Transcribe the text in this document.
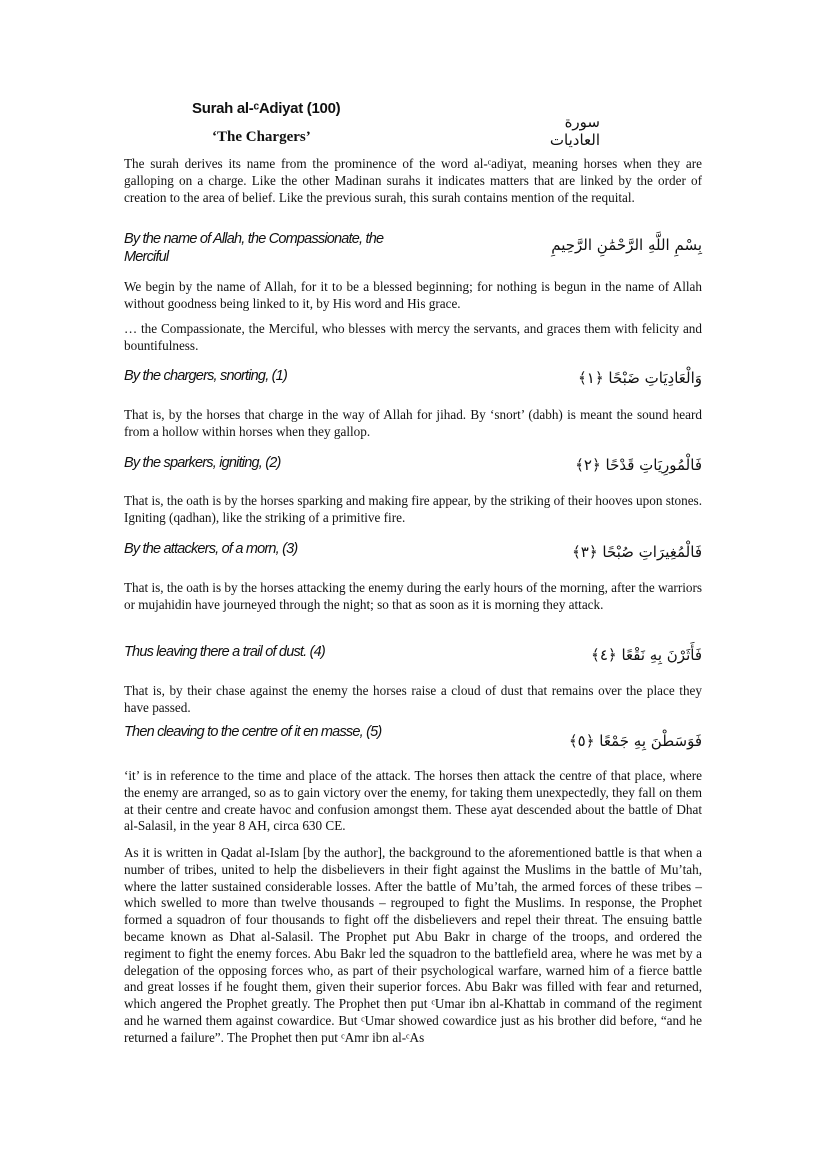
Surah al-ᶜAdiyat (100)
‘The Chargers’
سورة العاديات

The surah derives its name from the prominence of the word al-ᶜadiyat, meaning horses when they are galloping on a charge. Like the other Madinan surahs it indicates matters that are linked by the order of creation to the area of belief. Like the previous surah, this surah contains mention of the requital.

By the name of Allah, the Compassionate, the Merciful
بِسْمِ اللَّهِ الرَّحْمَٰنِ الرَّحِيمِ

We begin by the name of Allah, for it to be a blessed beginning; for nothing is begun in the name of Allah without goodness being linked to it, by His word and His grace.

… the Compassionate, the Merciful, who blesses with mercy the servants, and graces them with felicity and bountifulness.

By the chargers, snorting, (1)	وَالْعَادِيَاتِ ضَبْحًا ﴿١﴾

That is, by the horses that charge in the way of Allah for jihad. By ‘snort’ (dabh) is meant the sound heard from a hollow within horses when they gallop.

By the sparkers, igniting, (2)	فَالْمُورِيَاتِ قَدْحًا ﴿٢﴾

That is, the oath is by the horses sparking and making fire appear, by the striking of their hooves upon stones. Igniting (qadhan), like the striking of a primitive fire.

By the attackers, of a morn, (3)	فَالْمُغِيرَاتِ صُبْحًا ﴿٣﴾

That is, the oath is by the horses attacking the enemy during the early hours of the morning, after the warriors or mujahidin have journeyed through the night; so that as soon as it is morning they attack.

Thus leaving there a trail of dust. (4)	فَأَثَرْنَ بِهِ نَقْعًا ﴿٤﴾

That is, by their chase against the enemy the horses raise a cloud of dust that remains over the place they have passed.

Then cleaving to the centre of it en masse, (5)	فَوَسَطْنَ بِهِ جَمْعًا ﴿٥﴾

‘it’ is in reference to the time and place of the attack. The horses then attack the centre of that place, where the enemy are arranged, so as to gain victory over the enemy, for taking them unexpectedly, they fall on them at their centre and create havoc and confusion amongst them. These ayat descended about the battle of Dhat al-Salasil, in the year 8 AH, circa 630 CE.

As it is written in Qadat al-Islam [by the author], the background to the aforementioned battle is that when a number of tribes, united to help the disbelievers in their fight against the Muslims in the battle of Mu’tah, where the latter sustained considerable losses. After the battle of Mu’tah, the armed forces of these tribes – which swelled to more than twelve thousands – regrouped to fight the Muslims. In response, the Prophet formed a squadron of four thousands to fight off the disbelievers and repel their threat. The ensuing battle became known as Dhat al-Salasil. The Prophet put Abu Bakr in charge of the troops, and ordered the regiment to fight the enemy forces. Abu Bakr led the squadron to the battlefield area, where he was met by a delegation of the opposing forces who, as part of their psychological warfare, warned him of a fierce battle and great losses if he fought them, given their superior forces. Abu Bakr was filled with fear and returned, which angered the Prophet greatly. The Prophet then put ᶜUmar ibn al-Khattab in command of the regiment and he warned them against cowardice. But ᶜUmar showed cowardice just as his brother did before, “and he returned a failure”. The Prophet then put ᶜAmr ibn al-ᶜAs
